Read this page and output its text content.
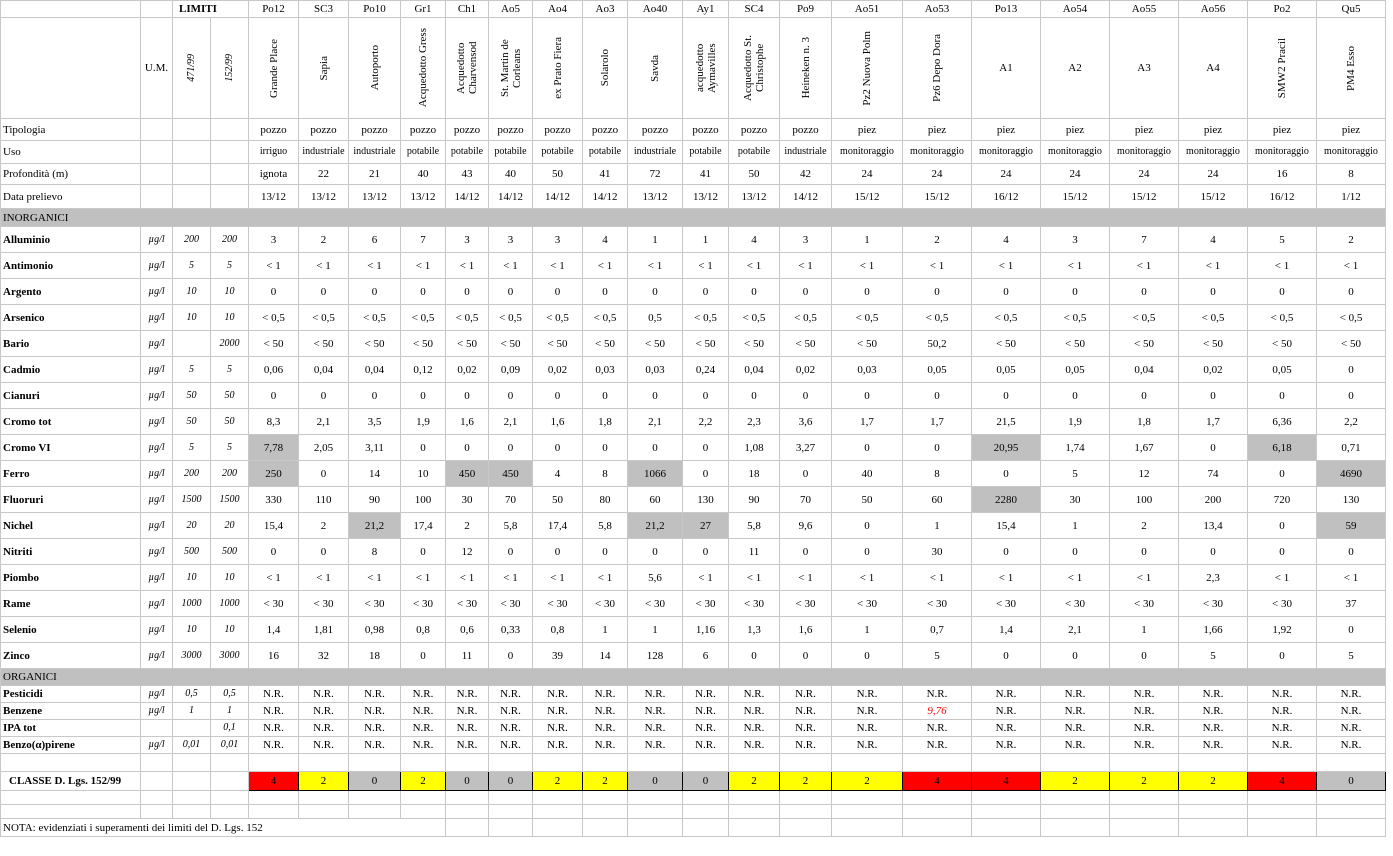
		LIMITI		Po12	SC3	Po10	Gr1	Ch1	Ao5	Ao4	Ao3	Ao40	Ay1	SC4	Po9	Ao51	Ao53	Po13	Ao54	Ao55	Ao56	Po2	Qu5
	U.M.	471/99	152/99	Grande Place	Sapia	Autoporto	Acquedotto Gress	Acquedotto Charvensod	St. Martin de Corleans	ex Prato Fiera	Solarolo	Savda	acquedotto Aymavilles	Acquedotto St. Christophe	Heineken n. 3	Pz2 Nuova Polm	Pz6 Depo Dora	A1	A2	A3	A4	SMW2 Pracil	PM4 Esso

Tipologia				pozzo	pozzo	pozzo	pozzo	pozzo	pozzo	pozzo	pozzo	pozzo	pozzo	pozzo	pozzo	piez	piez	piez	piez	piez	piez	piez	piez
Uso				irriguo	industriale	industriale	potabile	potabile	potabile	potabile	potabile	industriale	potabile	potabile	industriale	monitoraggio	monitoraggio	monitoraggio	monitoraggio	monitoraggio	monitoraggio	monitoraggio	monitoraggio
Profondità (m)				ignota	22	21	40	43	40	50	41	72	41	50	42	24	24	24	24	24	24	16	8
Data prelievo				13/12	13/12	13/12	13/12	14/12	14/12	14/12	14/12	13/12	13/12	13/12	14/12	15/12	15/12	16/12	15/12	15/12	15/12	16/12	1/12
INORGANICI																							
Alluminio	µg/l	200	200	3	2	6	7	3	3	3	4	1	1	4	3	1	2	4	3	7	4	5	2
Antimonio	µg/l	5	5	< 1	< 1	< 1	< 1	< 1	< 1	< 1	< 1	< 1	< 1	< 1	< 1	< 1	< 1	< 1	< 1	< 1	< 1	< 1	< 1
Argento	µg/l	10	10	0	0	0	0	0	0	0	0	0	0	0	0	0	0	0	0	0	0	0	0
Arsenico	µg/l	10	10	< 0,5	< 0,5	< 0,5	< 0,5	< 0,5	< 0,5	< 0,5	< 0,5	0,5	< 0,5	< 0,5	< 0,5	< 0,5	< 0,5	< 0,5	< 0,5	< 0,5	< 0,5	< 0,5	< 0,5
Bario	µg/l		2000	< 50	< 50	< 50	< 50	< 50	< 50	< 50	< 50	< 50	< 50	< 50	< 50	< 50	50,2	< 50	< 50	< 50	< 50	< 50	< 50
Cadmio	µg/l	5	5	0,06	0,04	0,04	0,12	0,02	0,09	0,02	0,03	0,03	0,24	0,04	0,02	0,03	0,05	0,05	0,05	0,04	0,02	0,05	0
Cianuri	µg/l	50	50	0	0	0	0	0	0	0	0	0	0	0	0	0	0	0	0	0	0	0	0
Cromo tot	µg/l	50	50	8,3	2,1	3,5	1,9	1,6	2,1	1,6	1,8	2,1	2,2	2,3	3,6	1,7	1,7	21,5	1,9	1,8	1,7	6,36	2,2
Cromo VI	µg/l	5	5	7,78	2,05	3,11	0	0	0	0	0	0	0	1,08	3,27	0	0	20,95	1,74	1,67	0	6,18	0,71
Ferro	µg/l	200	200	250	0	14	10	450	450	4	8	1066	0	18	0	40	8	0	5	12	74	0	4690
Fluoruri	µg/l	1500	1500	330	110	90	100	30	70	50	80	60	130	90	70	50	60	2280	30	100	200	720	130
Nichel	µg/l	20	20	15,4	2	21,2	17,4	2	5,8	17,4	5,8	21,2	27	5,8	9,6	0	1	15,4	1	2	13,4	0	59
Nitriti	µg/l	500	500	0	0	8	0	12	0	0	0	0	0	11	0	0	30	0	0	0	0	0	0
Piombo	µg/l	10	10	< 1	< 1	< 1	< 1	< 1	< 1	< 1	< 1	5,6	< 1	< 1	< 1	< 1	< 1	< 1	< 1	< 1	2,3	< 1	< 1
Rame	µg/l	1000	1000	< 30	< 30	< 30	< 30	< 30	< 30	< 30	< 30	< 30	< 30	< 30	< 30	< 30	< 30	< 30	< 30	< 30	< 30	< 30	37
Selenio	µg/l	10	10	1,4	1,81	0,98	0,8	0,6	0,33	0,8	1	1	1,16	1,3	1,6	1	0,7	1,4	2,1	1	1,66	1,92	0
Zinco	µg/l	3000	3000	16	32	18	0	11	0	39	14	128	6	0	0	0	5	0	0	0	5	0	5
ORGANICI																							
Pesticidi	µg/l	0,5	0,5	N.R.	N.R.	N.R.	N.R.	N.R.	N.R.	N.R.	N.R.	N.R.	N.R.	N.R.	N.R.	N.R.	N.R.	N.R.	N.R.	N.R.	N.R.	N.R.	N.R.
Benzene	µg/l	1	1	N.R.	N.R.	N.R.	N.R.	N.R.	N.R.	N.R.	N.R.	N.R.	N.R.	N.R.	N.R.	N.R.	9,76	N.R.	N.R.	N.R.	N.R.	N.R.	N.R.
IPA tot			0,1	N.R.	N.R.	N.R.	N.R.	N.R.	N.R.	N.R.	N.R.	N.R.	N.R.	N.R.	N.R.	N.R.	N.R.	N.R.	N.R.	N.R.	N.R.	N.R.	N.R.
Benzo(α)pirene	µg/l	0,01	0,01	N.R.	N.R.	N.R.	N.R.	N.R.	N.R.	N.R.	N.R.	N.R.	N.R.	N.R.	N.R.	N.R.	N.R.	N.R.	N.R.	N.R.	N.R.	N.R.	N.R.

CLASSE D. Lgs. 152/99				4	2	0	2	0	0	2	2	0	0	2	2	2	4	4	2	2	2	4	0

NOTA: evidenziati i superamenti dei limiti del D. Lgs. 152																							
